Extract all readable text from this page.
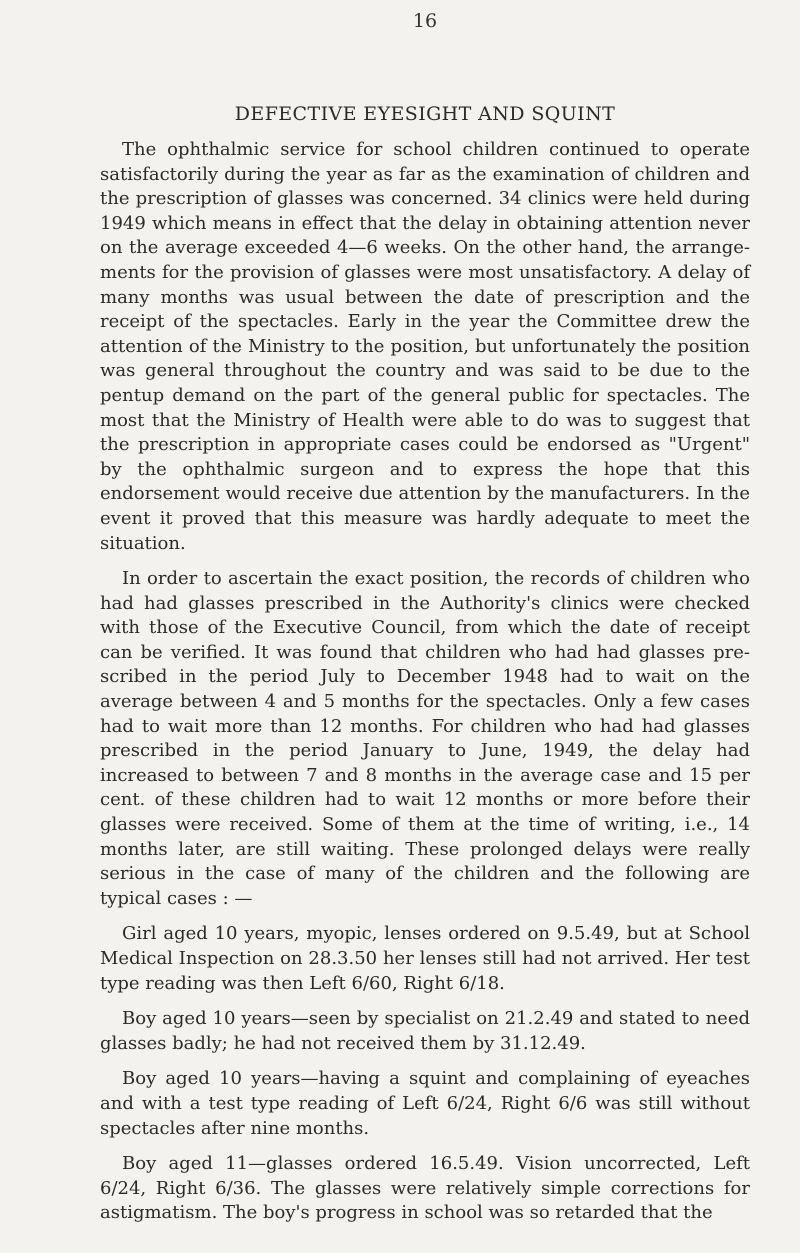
16
DEFECTIVE EYESIGHT AND SQUINT

The ophthalmic service for school children continued to operate satisfactorily during the year as far as the examination of children and the prescription of glasses was concerned. 34 clinics were held during 1949 which means in effect that the delay in obtaining attention never on the average exceeded 4—6 weeks. On the other hand, the arrangements for the provision of glasses were most unsatisfactory. A delay of many months was usual between the date of prescription and the receipt of the spectacles. Early in the year the Committee drew the attention of the Ministry to the position, but unfortunately the position was general throughout the country and was said to be due to the pentup demand on the part of the general public for spectacles. The most that the Ministry of Health were able to do was to suggest that the prescription in appropriate cases could be endorsed as "Urgent" by the ophthalmic surgeon and to express the hope that this endorsement would receive due attention by the manufacturers. In the event it proved that this measure was hardly adequate to meet the situation.

In order to ascertain the exact position, the records of children who had had glasses prescribed in the Authority's clinics were checked with those of the Executive Council, from which the date of receipt can be verified. It was found that children who had had glasses prescribed in the period July to December 1948 had to wait on the average between 4 and 5 months for the spectacles. Only a few cases had to wait more than 12 months. For children who had had glasses prescribed in the period January to June, 1949, the delay had increased to between 7 and 8 months in the average case and 15 per cent. of these children had to wait 12 months or more before their glasses were received. Some of them at the time of writing, i.e., 14 months later, are still waiting. These prolonged delays were really serious in the case of many of the children and the following are typical cases : —

Girl aged 10 years, myopic, lenses ordered on 9.5.49, but at School Medical Inspection on 28.3.50 her lenses still had not arrived. Her test type reading was then Left 6/60, Right 6/18.

Boy aged 10 years—seen by specialist on 21.2.49 and stated to need glasses badly; he had not received them by 31.12.49.

Boy aged 10 years—having a squint and complaining of eyeaches and with a test type reading of Left 6/24, Right 6/6 was still without spectacles after nine months.

Boy aged 11—glasses ordered 16.5.49. Vision uncorrected, Left 6/24, Right 6/36. The glasses were relatively simple corrections for astigmatism. The boy's progress in school was so retarded that the
